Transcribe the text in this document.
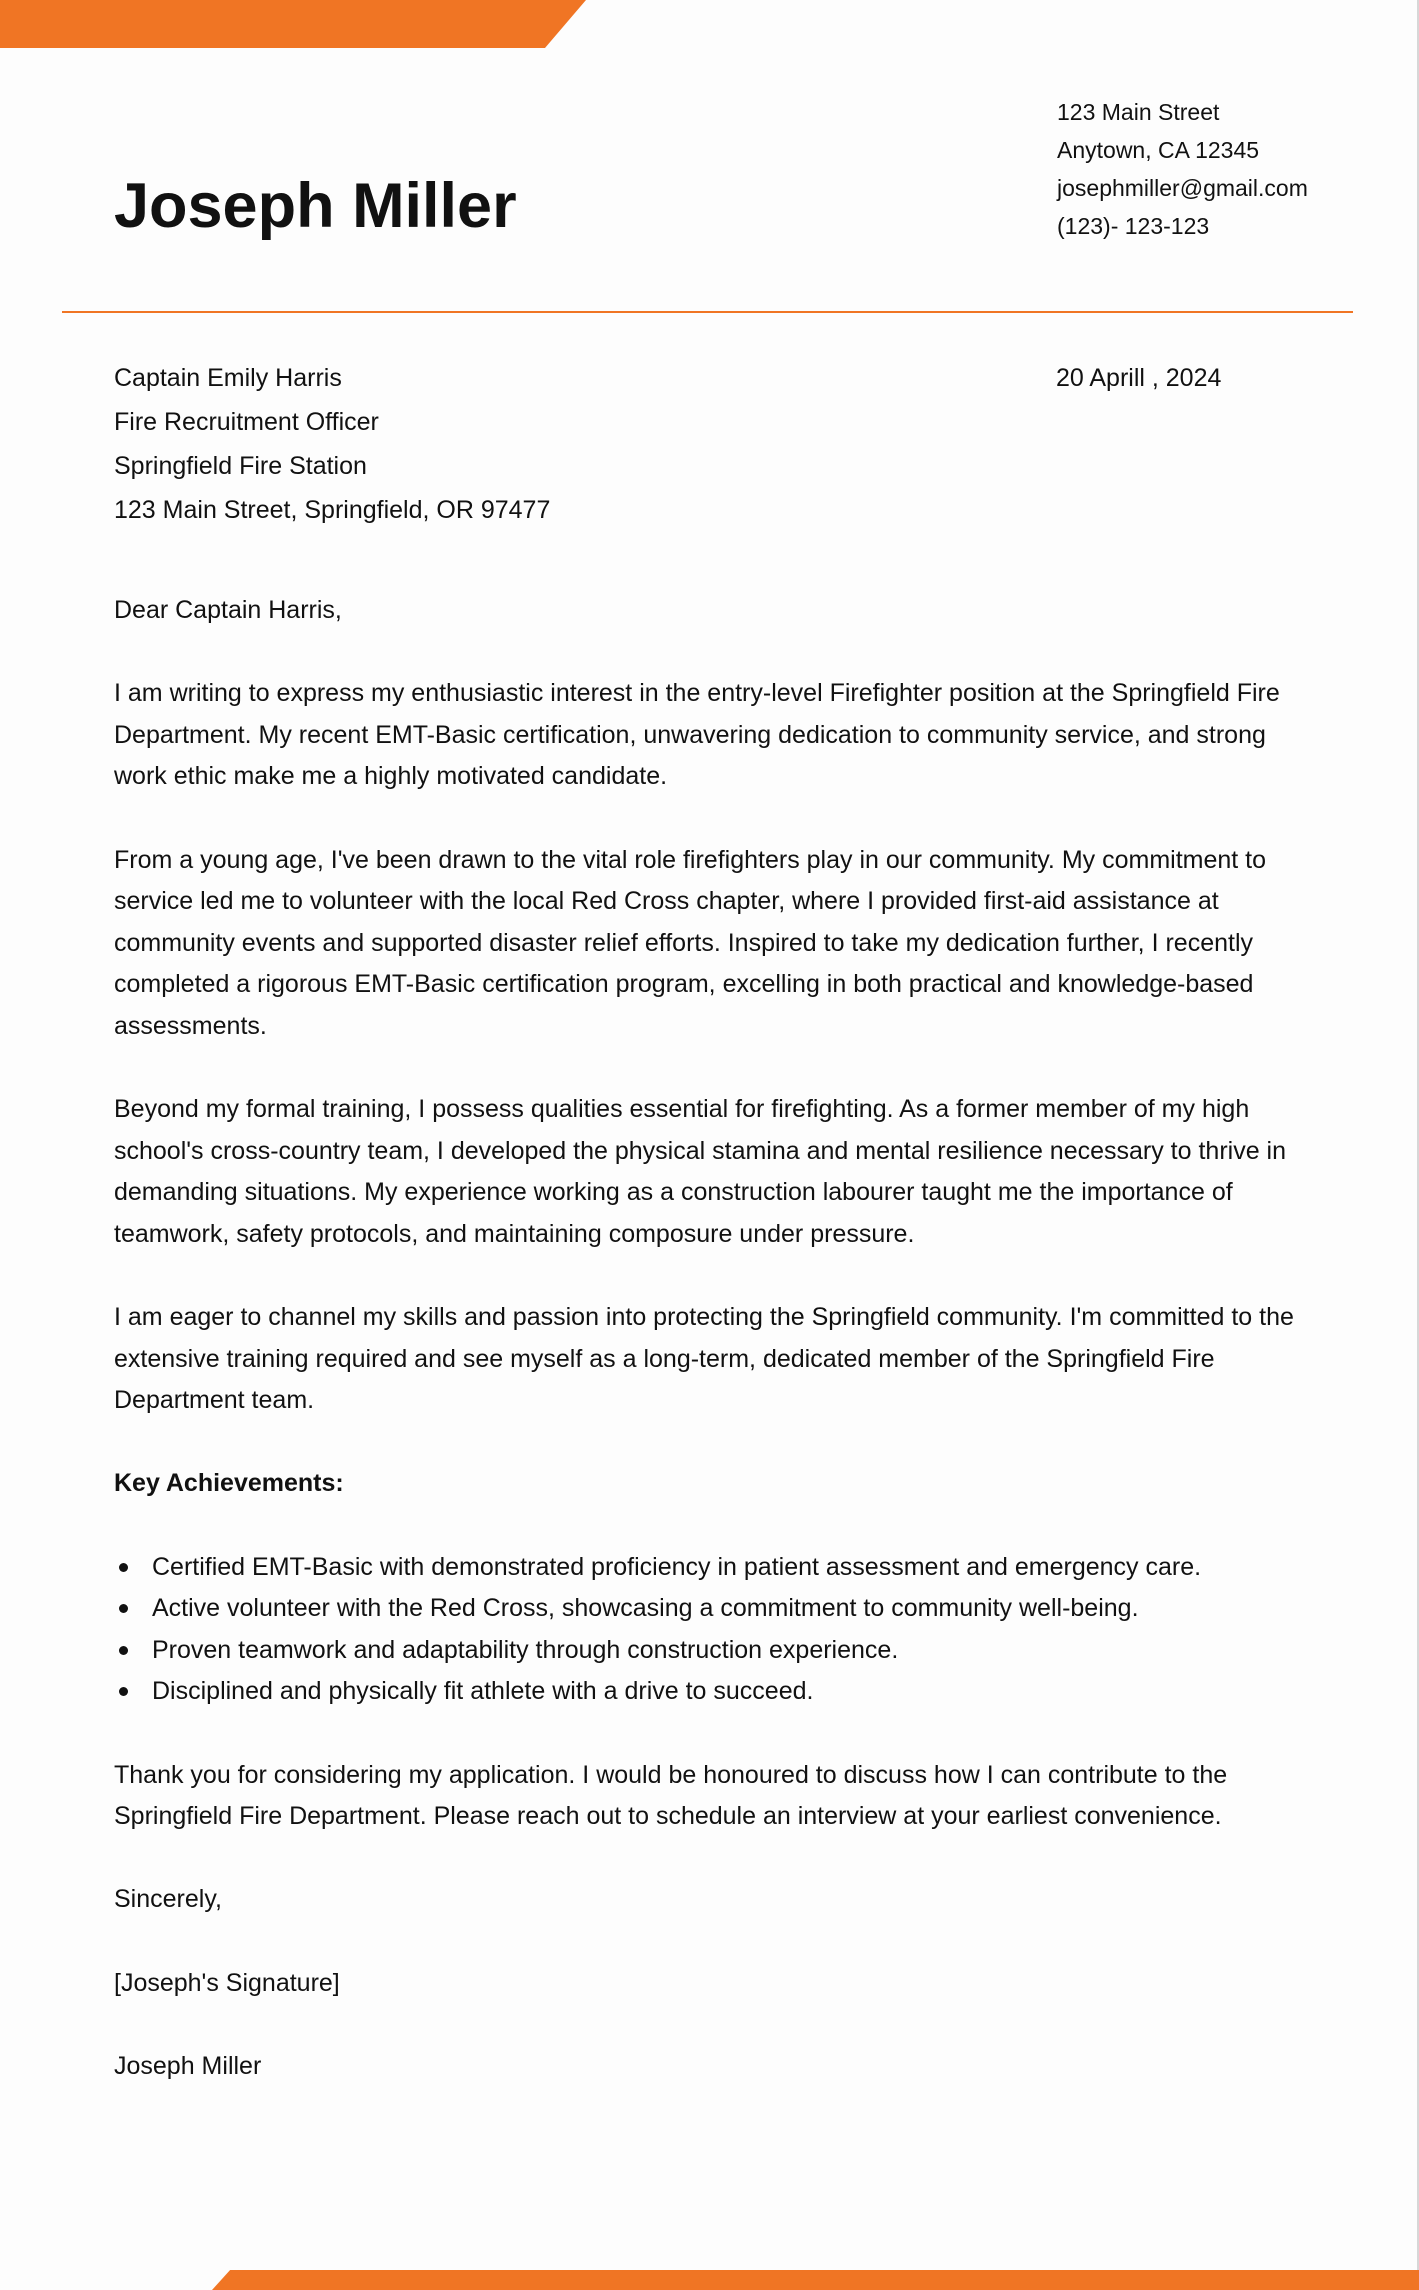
Joseph Miller
123 Main Street
Anytown, CA 12345
josephmiller@gmail.com
(123)- 123-123
Captain Emily Harris
Fire Recruitment Officer
Springfield Fire Station
123 Main Street, Springfield, OR 97477
20 Aprill , 2024

Dear Captain Harris,

I am writing to express my enthusiastic interest in the entry-level Firefighter position at the Springfield Fire Department. My recent EMT-Basic certification, unwavering dedication to community service, and strong work ethic make me a highly motivated candidate.

From a young age, I've been drawn to the vital role firefighters play in our community. My commitment to service led me to volunteer with the local Red Cross chapter, where I provided first-aid assistance at community events and supported disaster relief efforts. Inspired to take my dedication further, I recently completed a rigorous EMT-Basic certification program, excelling in both practical and knowledge-based assessments.

Beyond my formal training, I possess qualities essential for firefighting. As a former member of my high school's cross-country team, I developed the physical stamina and mental resilience necessary to thrive in demanding situations. My experience working as a construction labourer taught me the importance of teamwork, safety protocols, and maintaining composure under pressure.

I am eager to channel my skills and passion into protecting the Springfield community. I'm committed to the extensive training required and see myself as a long-term, dedicated member of the Springfield Fire Department team.

Key Achievements:

Certified EMT-Basic with demonstrated proficiency in patient assessment and emergency care.
Active volunteer with the Red Cross, showcasing a commitment to community well-being.
Proven teamwork and adaptability through construction experience.
Disciplined and physically fit athlete with a drive to succeed.

Thank you for considering my application. I would be honoured to discuss how I can contribute to the Springfield Fire Department. Please reach out to schedule an interview at your earliest convenience.

Sincerely,

[Joseph's Signature]

Joseph Miller
